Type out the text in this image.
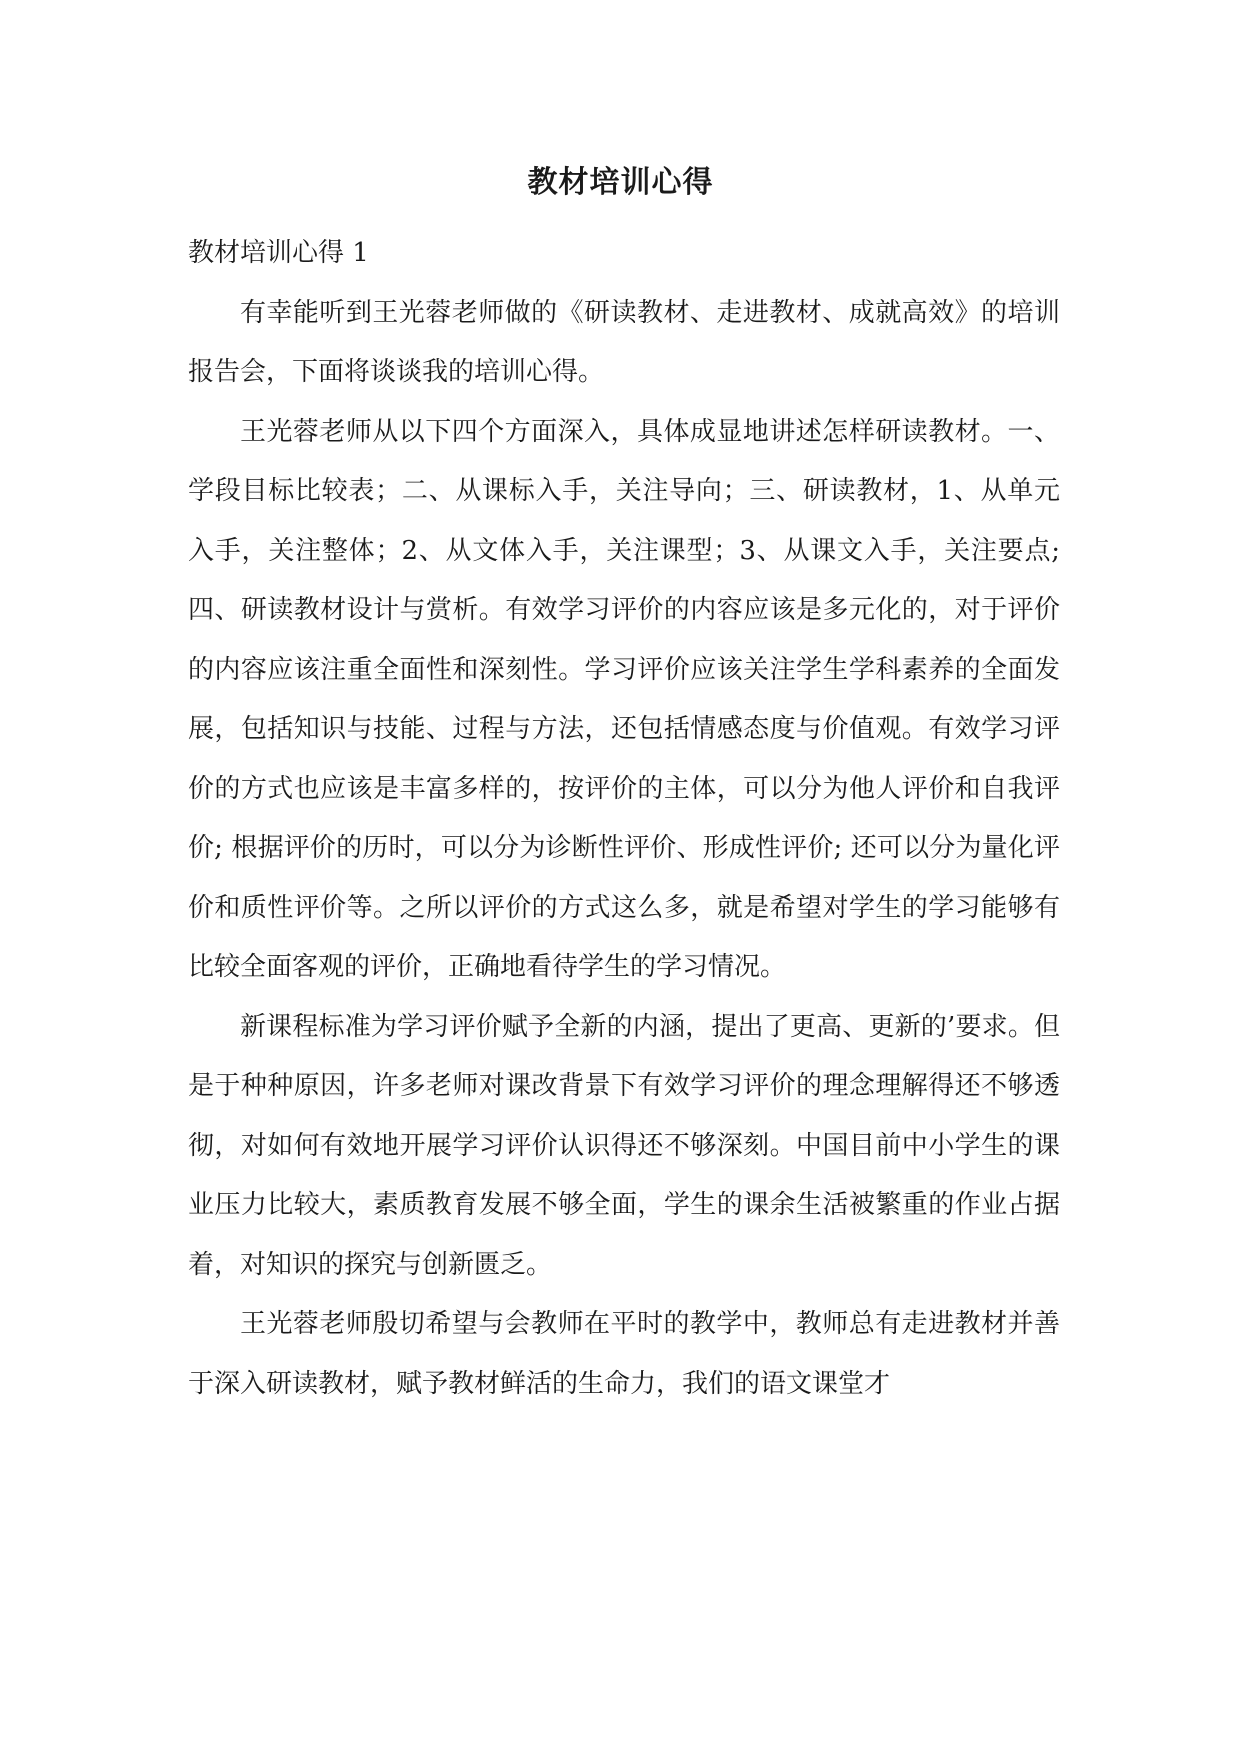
教材培训心得

教材培训心得 1

有幸能听到王光蓉老师做的《研读教材、走进教材、成就高效》的培训报告会，下面将谈谈我的培训心得。

王光蓉老师从以下四个方面深入，具体成显地讲述怎样研读教材。一、学段目标比较表；二、从课标入手，关注导向；三、研读教材，1、从单元入手，关注整体；2、从文体入手，关注课型；3、从课文入手，关注要点; 四、研读教材设计与赏析。有效学习评价的内容应该是多元化的，对于评价的内容应该注重全面性和深刻性。学习评价应该关注学生学科素养的全面发展，包括知识与技能、过程与方法，还包括情感态度与价值观。有效学习评价的方式也应该是丰富多样的，按评价的主体，可以分为他人评价和自我评价; 根据评价的历时，可以分为诊断性评价、形成性评价; 还可以分为量化评价和质性评价等。之所以评价的方式这么多，就是希望对学生的学习能够有比较全面客观的评价，正确地看待学生的学习情况。

新课程标准为学习评价赋予全新的内涵，提出了更高、更新的’要求。但是于种种原因，许多老师对课改背景下有效学习评价的理念理解得还不够透彻，对如何有效地开展学习评价认识得还不够深刻。中国目前中小学生的课业压力比较大，素质教育发展不够全面，学生的课余生活被繁重的作业占据着，对知识的探究与创新匮乏。

王光蓉老师殷切希望与会教师在平时的教学中，教师总有走进教材并善于深入研读教材，赋予教材鲜活的生命力，我们的语文课堂才
